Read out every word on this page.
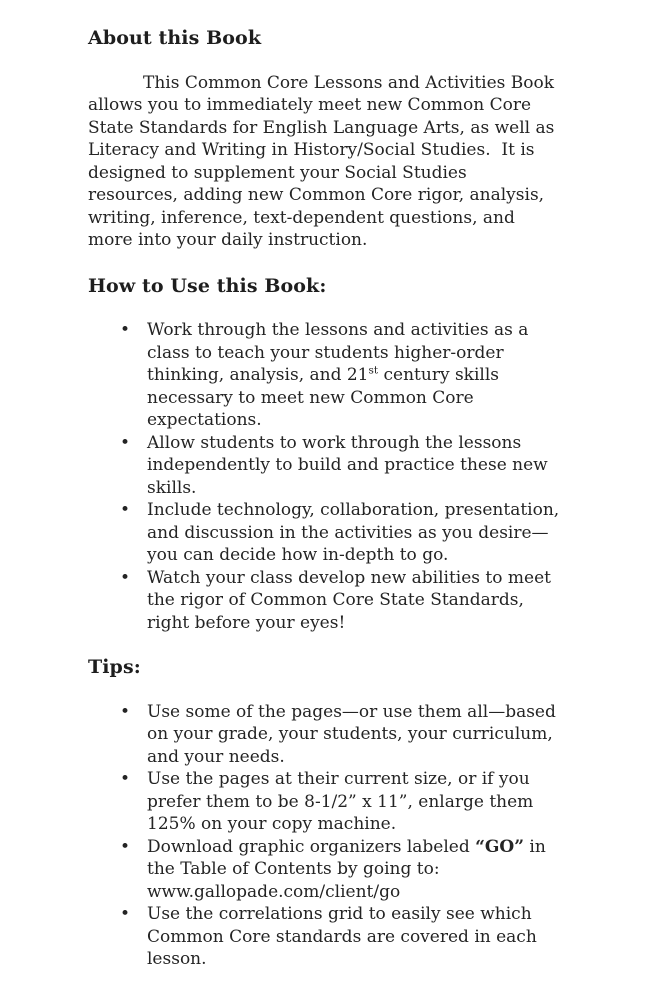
About this Book

This Common Core Lessons and Activities Book allows you to immediately meet new Common Core State Standards for English Language Arts, as well as Literacy and Writing in History/Social Studies.  It is designed to supplement your Social Studies resources, adding new Common Core rigor, analysis, writing, inference, text-dependent questions, and more into your daily instruction.

How to Use this Book:
• Work through the lessons and activities as a class to teach your students higher-order thinking, analysis, and 21st century skills necessary to meet new Common Core expectations.
• Allow students to work through the lessons independently to build and practice these new skills.
• Include technology, collaboration, presentation, and discussion in the activities as you desire—you can decide how in-depth to go.
• Watch your class develop new abilities to meet the rigor of Common Core State Standards, right before your eyes!
Tips:
• Use some of the pages—or use them all—based on your grade, your students, your curriculum, and your needs.
• Use the pages at their current size, or if you prefer them to be 8-1/2” x 11”, enlarge them 125% on your copy machine.
• Download graphic organizers labeled “GO” in the Table of Contents by going to: www.gallopade.com/client/go
• Use the correlations grid to easily see which Common Core standards are covered in each lesson.
